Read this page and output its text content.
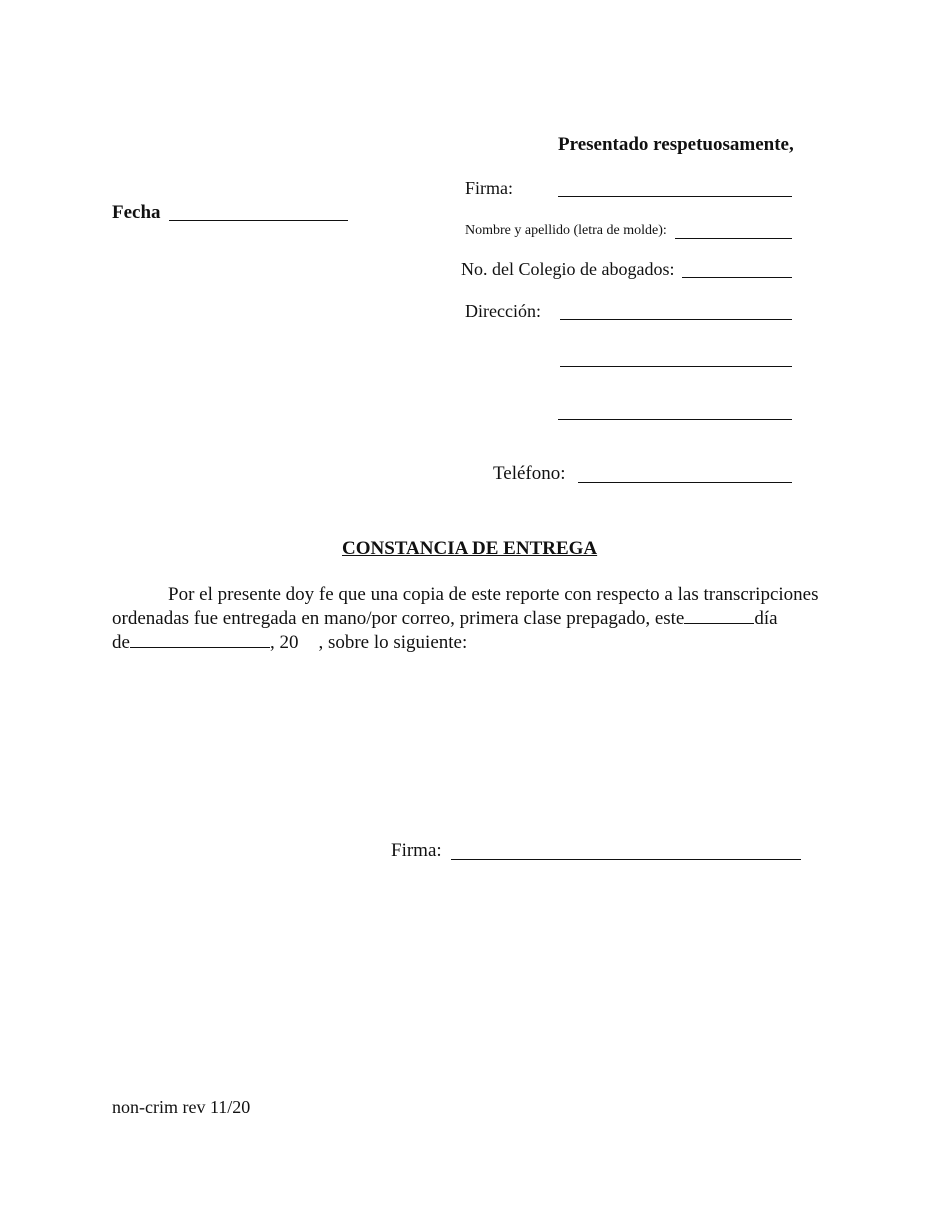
Presentado respetuosamente,
Firma:
Nombre y apellido (letra de molde):
No. del Colegio de abogados:
Dirección:
Teléfono:
Fecha
CONSTANCIA DE ENTREGA
Por el presente doy fe que una copia de este reporte con respecto a las transcripciones ordenadas fue entregada en mano/por correo, primera clase prepagado, este	día
de	, 20 , sobre lo siguiente:
Firma:
non-crim rev 11/20
